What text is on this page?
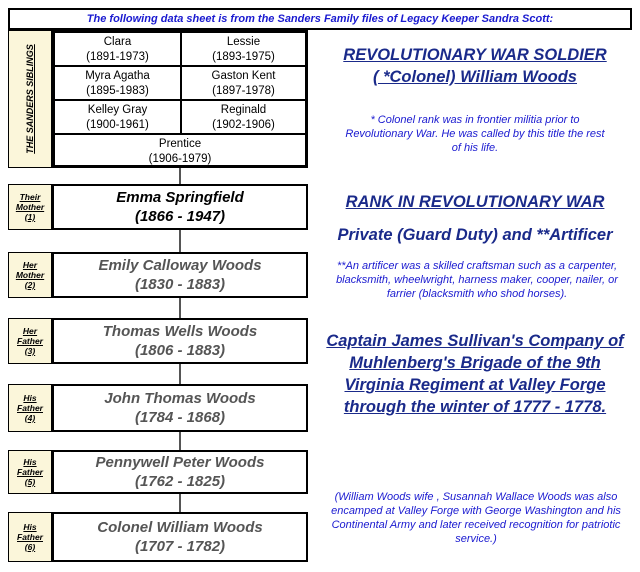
The following data sheet is from the Sanders Family files of Legacy Keeper Sandra Scott:
THE SANDERS SIBLINGS
Clara
(1891-1973)
Lessie
(1893-1975)
Myra Agatha
(1895-1983)
Gaston Kent
(1897-1978)
Kelley Gray
(1900-1961)
Reginald
(1902-1906)
Prentice
(1906-1979)
Their
Mother
(1)
Emma Springfield
(1866 - 1947)
Her
Mother
(2)
Emily Calloway Woods
(1830 - 1883)
Her
Father
(3)
Thomas Wells Woods
(1806 - 1883)
His
Father
(4)
John Thomas Woods
(1784 - 1868)
His
Father
(5)
Pennywell Peter Woods
(1762 - 1825)
His
Father
(6)
Colonel William Woods
(1707 - 1782)
REVOLUTIONARY WAR SOLDIER
( *Colonel) William Woods
* Colonel rank was in frontier militia prior to Revolutionary War. He was called by this title the rest of his life.
RANK IN REVOLUTIONARY WAR
Private (Guard Duty) and **Artificer
**An artificer was a skilled craftsman such as a carpenter, blacksmith, wheelwright, harness maker, cooper, nailer, or farrier (blacksmith who shod horses).
Captain James Sullivan's Company of Muhlenberg's Brigade of the 9th Virginia Regiment at Valley Forge through the winter of 1777 - 1778.
(William Woods wife , Susannah Wallace Woods was also encamped at Valley Forge with George Washington and his Continental Army and later received recognition for patriotic service.)
